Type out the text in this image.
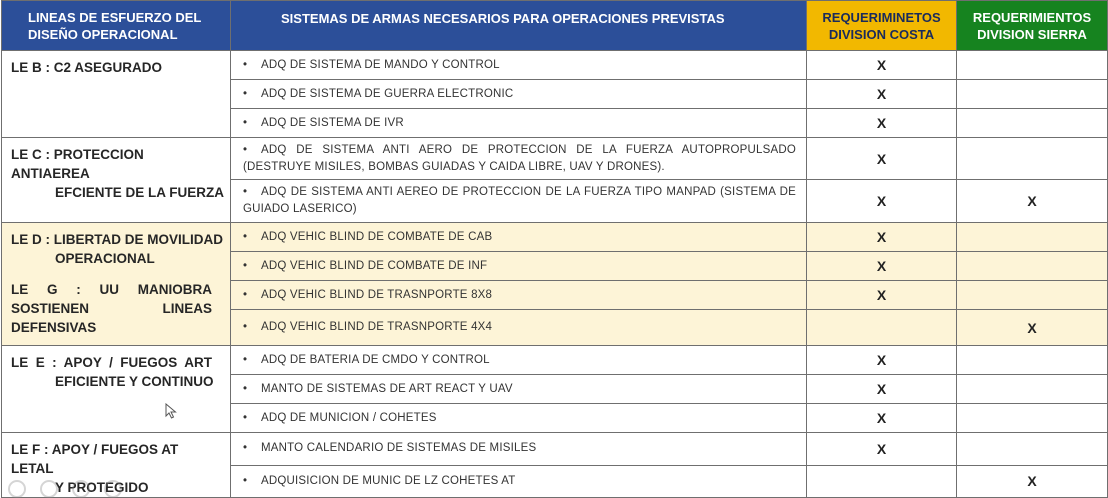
LINEAS DE ESFUERZO DEL DISEÑO OPERACIONAL	SISTEMAS DE ARMAS NECESARIOS PARA OPERACIONES PREVISTAS	REQUERIMINETOS DIVISION COSTA	REQUERIMIENTOS DIVISION SIERRA

LE B : C2 ASEGURADO	• ADQ DE SISTEMA DE MANDO Y CONTROL	X	
	• ADQ DE SISTEMA DE GUERRA ELECTRONIC	X	
	• ADQ DE SISTEMA DE IVR	X	

LE C : PROTECCION ANTIAEREA
EFCIENTE DE LA FUERZA	• ADQ DE SISTEMA ANTI AERO DE PROTECCION DE LA FUERZA AUTOPROPULSADO (DESTRUYE MISILES, BOMBAS GUIADAS Y CAIDA LIBRE, UAV Y DRONES).	X	
	• ADQ DE SISTEMA ANTI AEREO DE PROTECCION DE LA FUERZA TIPO MANPAD (SISTEMA DE GUIADO LASERICO)	X	X

LE D : LIBERTAD DE MOVILIDAD
OPERACIONAL
LE G : UU MANIOBRA
SOSTIENEN LINEAS
DEFENSIVAS	• ADQ VEHIC BLIND DE COMBATE DE CAB	X	
	• ADQ VEHIC BLIND DE COMBATE DE INF	X	
	• ADQ VEHIC BLIND DE TRASNPORTE 8X8	X	
	• ADQ VEHIC BLIND DE TRASNPORTE 4X4		X

LE E : APOY / FUEGOS ART
EFICIENTE Y CONTINUO	• ADQ DE BATERIA DE CMDO Y CONTROL	X	
	• MANTO DE SISTEMAS DE ART REACT Y UAV	X	
	• ADQ DE MUNICION / COHETES	X	

LE F : APOY / FUEGOS AT LETAL
Y PROTEGIDO	• MANTO CALENDARIO DE SISTEMAS DE MISILES	X	
	• ADQUISICION DE MUNIC DE LZ COHETES AT		X
